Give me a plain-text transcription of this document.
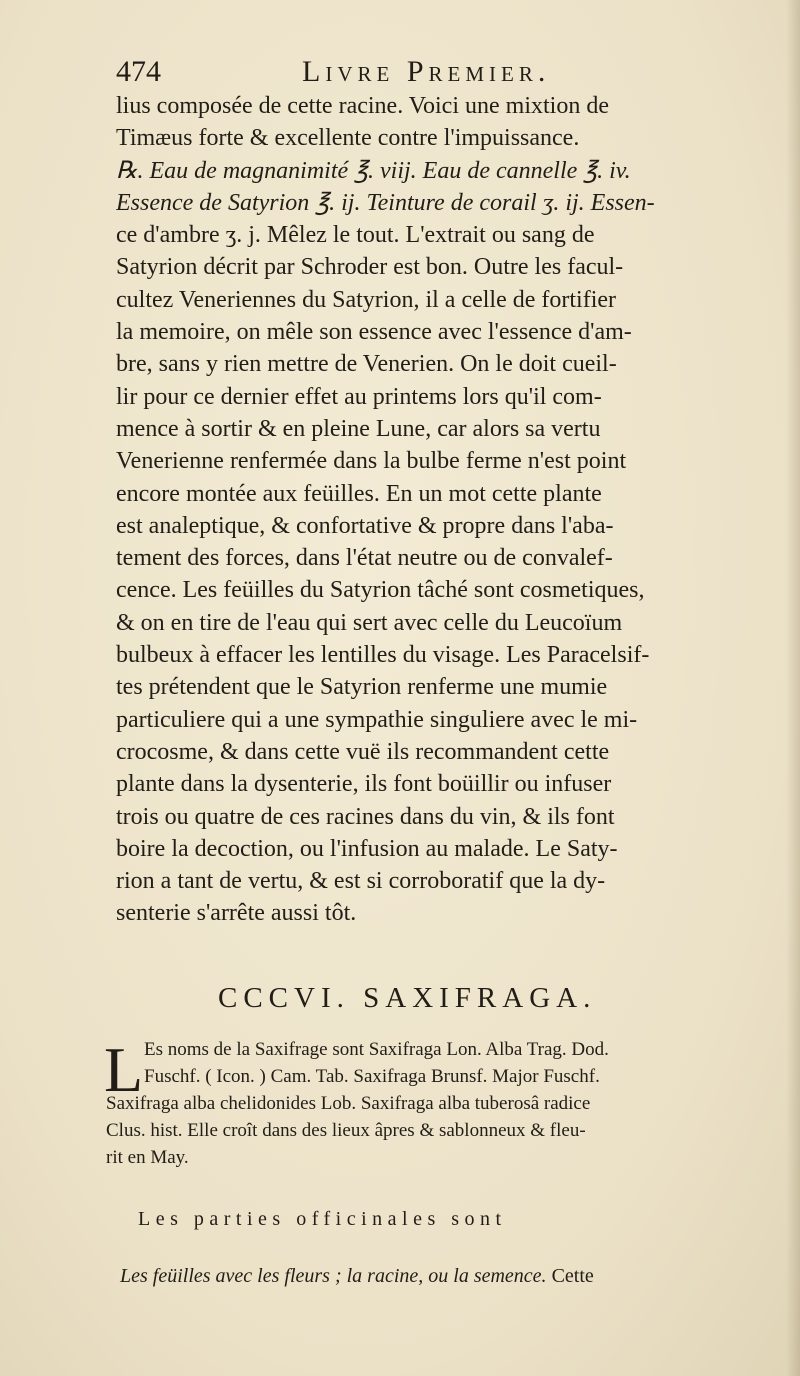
474	Livre Premier.
lius composée de cette racine. Voici une mixtion de
Timæus forte & excellente contre l'impuissance.
℞. Eau de magnanimité ℥. viij. Eau de cannelle ℥. iv.
Essence de Satyrion ℥. ij. Teinture de corail ʒ. ij. Essen-
ce d'ambre ʒ. j. Mêlez le tout. L'extrait ou sang de
Satyrion décrit par Schroder est bon. Outre les facul-
cultez Veneriennes du Satyrion, il a celle de fortifier
la memoire, on mêle son essence avec l'essence d'am-
bre, sans y rien mettre de Venerien. On le doit cueil-
lir pour ce dernier effet au printems lors qu'il com-
mence à sortir & en pleine Lune, car alors sa vertu
Venerienne renfermée dans la bulbe ferme n'est point
encore montée aux feüilles. En un mot cette plante
est analeptique, & confortative & propre dans l'aba-
tement des forces, dans l'état neutre ou de convalef-
cence. Les feüilles du Satyrion tâché sont cosmetiques,
& on en tire de l'eau qui sert avec celle du Leucoïum
bulbeux à effacer les lentilles du visage. Les Paracelsif-
tes prétendent que le Satyrion renferme une mumie
particuliere qui a une sympathie singuliere avec le mi-
crocosme, & dans cette vuë ils recommandent cette
plante dans la dysenterie, ils font boüillir ou infuser
trois ou quatre de ces racines dans du vin, & ils font
boire la decoction, ou l'infusion au malade. Le Saty-
rion a tant de vertu, & est si corroboratif que la dy-
senterie s'arrête aussi tôt.
CCCVI. SAXIFRAGA.
L Es noms de la Saxifrage sont Saxifraga Lon. Alba Trag. Dod.
Fuschf. ( Icon. ) Cam. Tab. Saxifraga Brunsf. Major Fuschf.
Saxifraga alba chelidonides Lob. Saxifraga alba tuberosâ radice
Clus. hist. Elle croît dans des lieux âpres & sablonneux & fleu-
rit en May.
Les parties officinales sont
Les feüilles avec les fleurs ; la racine, ou la semence. Cette
